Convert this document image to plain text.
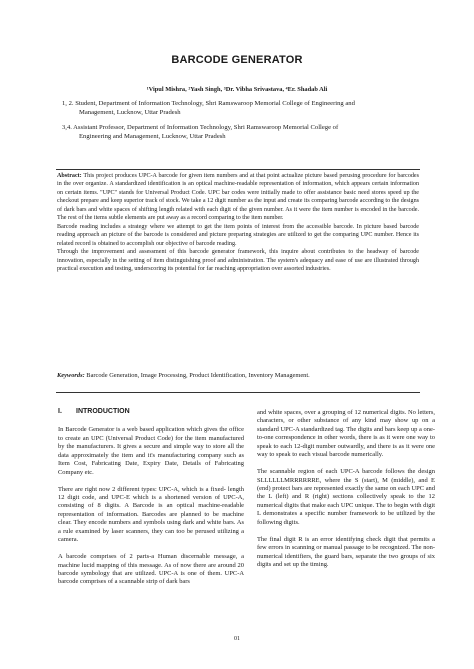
BARCODE GENERATOR
¹Vipul Mishra, ²Yash Singh, ³Dr. Vibha Srivastava, ⁴Er. Shadab Ali
1, 2. Student, Department of Information Technology, Shri Ramswaroop Memorial College of Engineering and
Management, Lucknow, Uttar Pradesh
3,4. Assistant Professor, Department of Information Technology, Shri Ramswaroop Memorial College of
Engineering and Management, Lucknow, Uttar Pradesh

Abstract: This project produces UPC-A barcode for given item numbers and at that point actualize picture based perusing procedure for barcodes in the over organize. A standardized identification is an optical machine-readable representation of information, which appears certain information on certain items. "UPC" stands for Universal Product Code. UPC bar codes were initially made to offer assistance basic need stores speed up the checkout prepare and keep superior track of stock. We take a 12 digit number as the input and create its comparing barcode according to the designs of dark bars and white spaces of shifting length related with each digit of the given number. As it were the item number is encoded in the barcode. The rest of the items subtle elements are put away as a record comparing to the item number.

Barcode reading includes a strategy where we attempt to get the item points of interest from the accessible barcode. In picture based barcode reading approach an picture of the barcode is considered and picture preparing strategies are utilized to get the comparing UPC number. Hence its related record is obtained to accomplish our objective of barcode reading.

Through the improvement and assessment of this barcode generator framework, this inquire about contributes to the headway of barcode innovation, especially in the setting of item distinguishing proof and administration. The system's adequacy and ease of use are illustrated through practical execution and testing, underscoring its potential for far reaching appropriation over assorted industries.

Keywords: Barcode Generation, Image Processing, Product Identification, Inventory Management.

I. INTRODUCTION

In Barcode Generator is a web based application which gives the office to create an UPC (Universal Product Code) for the item manufactured by the manufacturers. It gives a secure and simple way to store all the data approximately the item and it's manufacturing company such as Item Cost, Fabricating Date, Expiry Date, Details of Fabricating Company etc.

There are right now 2 different types: UPC-A, which is a fixed- length 12 digit code, and UPC-E which is a shortened version of UPC-A, consisting of 8 digits. A Barcode is an optical machine-readable representation of information. Barcodes are planned to be machine clear. They encode numbers and symbols using dark and white bars. As a rule examined by laser scanners, they can too be perused utilizing a camera.

A barcode comprises of 2 parts-a Human discernable message, a machine lucid mapping of this message. As of now there are around 20 barcode symbology that are utilized. UPC-A is one of them. UPC-A barcode comprises of a scannable strip of dark bars

and white spaces, over a grouping of 12 numerical digits. No letters, characters, or other substance of any kind may show up on a standard UPC-A standardized tag. The digits and bars keep up a one-to-one correspondence in other words, there is as it were one way to speak to each 12-digit number outwardly, and there is as it were one way to speak to each visual barcode numerically.

The scannable region of each UPC-A barcode follows the design SLLLLLLMRRRRRRE, where the S (start), M (middle), and E (end) protect bars are represented exactly the same on each UPC and the L (left) and R (right) sections collectively speak to the 12 numerical digits that make each UPC unique. The to begin with digit L demonstrates a specific number framework to be utilized by the following digits.

The final digit R is an error identifying check digit that permits a few errors in scanning or manual passage to be recognized. The non-numerical identifiers, the guard bars, separate the two groups of six digits and set up the timing.

01
